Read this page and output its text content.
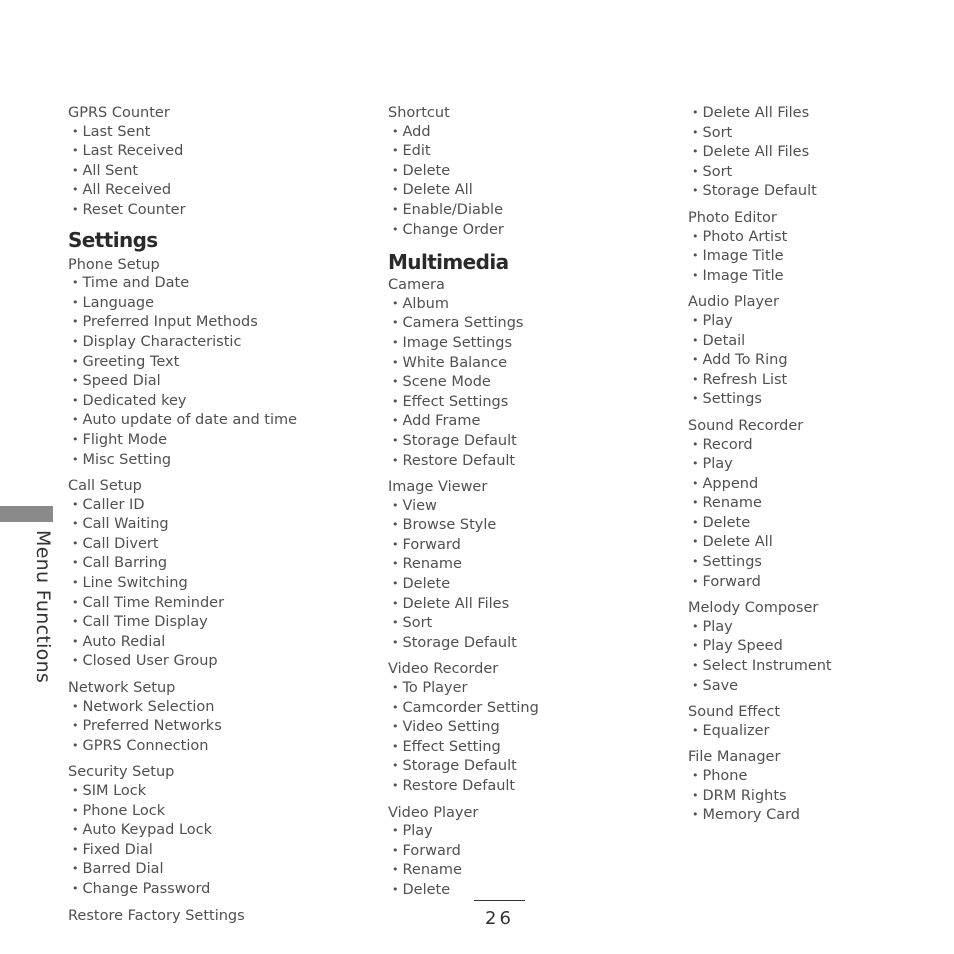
Menu Functions
GPRS Counter
• Last Sent
• Last Received
• All Sent
• All Received
• Reset Counter
Settings
Phone Setup
• Time and Date
• Language
• Preferred Input Methods
• Display Characteristic
• Greeting Text
• Speed Dial
• Dedicated key
• Auto update of date and time
• Flight Mode
• Misc Setting
Call Setup
• Caller ID
• Call Waiting
• Call Divert
• Call Barring
• Line Switching
• Call Time Reminder
• Call Time Display
• Auto Redial
• Closed User Group
Network Setup
• Network Selection
• Preferred Networks
• GPRS Connection
Security Setup
• SIM Lock
• Phone Lock
• Auto Keypad Lock
• Fixed Dial
• Barred Dial
• Change Password
Restore Factory Settings
Shortcut
• Add
• Edit
• Delete
• Delete All
• Enable/Diable
• Change Order
Multimedia
Camera
• Album
• Camera Settings
• Image Settings
• White Balance
• Scene Mode
• Effect Settings
• Add Frame
• Storage Default
• Restore Default
Image Viewer
• View
• Browse Style
• Forward
• Rename
• Delete
• Delete All Files
• Sort
• Storage Default
Video Recorder
• To Player
• Camcorder Setting
• Video Setting
• Effect Setting
• Storage Default
• Restore Default
Video Player
• Play
• Forward
• Rename
• Delete
• Delete All Files
• Sort
• Delete All Files
• Sort
• Storage Default
Photo Editor
• Photo Artist
• Image Title
• Image Title
Audio Player
• Play
• Detail
• Add To Ring
• Refresh List
• Settings
Sound Recorder
• Record
• Play
• Append
• Rename
• Delete
• Delete All
• Settings
• Forward
Melody Composer
• Play
• Play Speed
• Select Instrument
• Save
Sound Effect
• Equalizer
File Manager
• Phone
• DRM Rights
• Memory Card
26
